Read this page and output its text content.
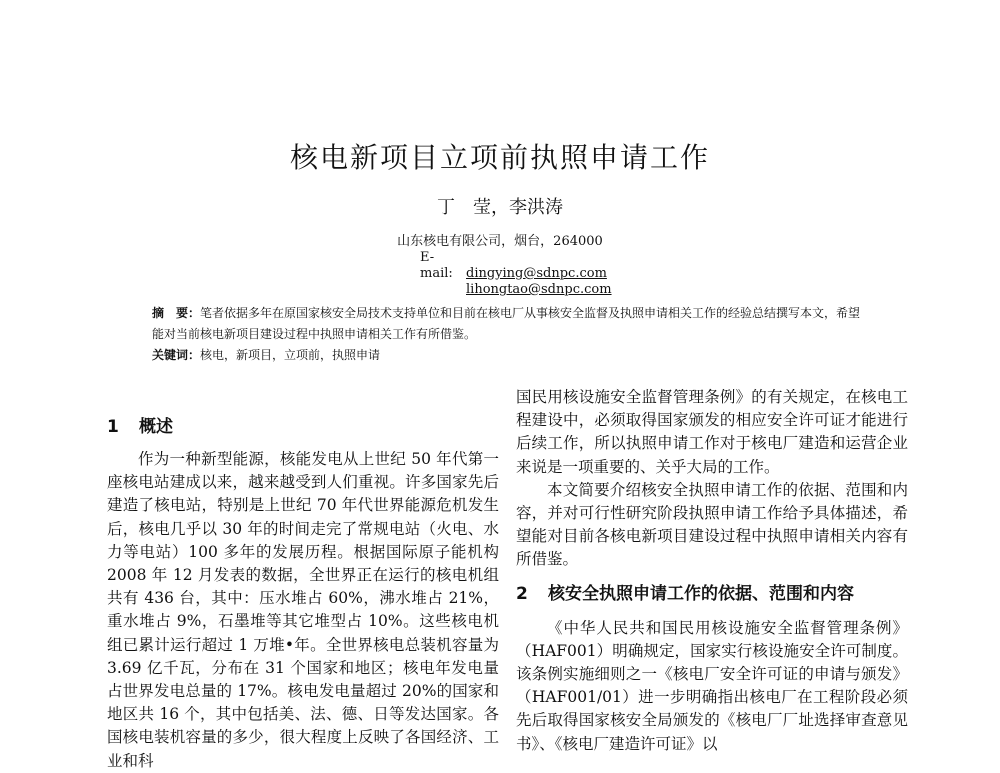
核电新项目立项前执照申请工作
丁　莹，李洪涛
山东核电有限公司，烟台，264000
E-mail: dingying@sdnpc.com
lihongtao@sdnpc.com
摘　要：笔者依据多年在原国家核安全局技术支持单位和目前在核电厂从事核安全监督及执照申请相关工作的经验总结撰写本文，希望能对当前核电新项目建设过程中执照申请相关工作有所借鉴。
关键词：核电，新项目，立项前，执照申请
1 概述

作为一种新型能源，核能发电从上世纪 50 年代第一座核电站建成以来，越来越受到人们重视。许多国家先后建造了核电站，特别是上世纪 70 年代世界能源危机发生后，核电几乎以 30 年的时间走完了常规电站（火电、水力等电站）100 多年的发展历程。根据国际原子能机构 2008 年 12 月发表的数据，全世界正在运行的核电机组共有 436 台，其中：压水堆占 60%，沸水堆占 21%，重水堆占 9%，石墨堆等其它堆型占 10%。这些核电机组已累计运行超过 1 万堆•年。全世界核电总装机容量为 3.69 亿千瓦，分布在 31 个国家和地区；核电年发电量占世界发电总量的 17%。核电发电量超过 20%的国家和地区共 16 个，其中包括美、法、德、日等发达国家。各国核电装机容量的多少，很大程度上反映了各国经济、工业和科

国民用核设施安全监督管理条例》的有关规定，在核电工程建设中，必须取得国家颁发的相应安全许可证才能进行后续工作，所以执照申请工作对于核电厂建造和运营企业来说是一项重要的、关乎大局的工作。

本文简要介绍核安全执照申请工作的依据、范围和内容，并对可行性研究阶段执照申请工作给予具体描述，希望能对目前各核电新项目建设过程中执照申请相关内容有所借鉴。

2 核安全执照申请工作的依据、范围和内容

《中华人民共和国民用核设施安全监督管理条例》（HAF001）明确规定，国家实行核设施安全许可制度。该条例实施细则之一《核电厂安全许可证的申请与颁发》（HAF001/01）进一步明确指出核电厂在工程阶段必须先后取得国家核安全局颁发的《核电厂厂址选择审查意见书》、《核电厂建造许可证》以
